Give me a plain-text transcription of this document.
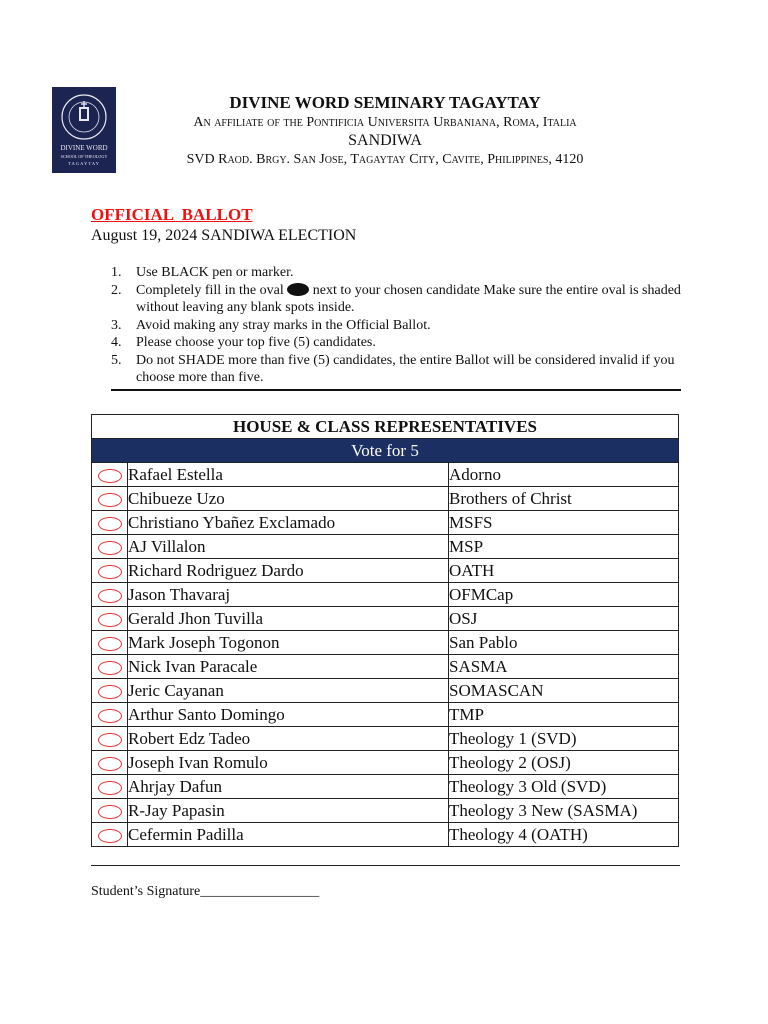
DIVINE WORD
SCHOOL OF THEOLOGY
TAGAYTAY
DIVINE WORD SEMINARY TAGAYTAY
An affiliate of the Pontificia Universita Urbaniana, Roma, Italia
SANDIWA
SVD Raod. Brgy. San Jose, Tagaytay City, Cavite, Philippines, 4120
OFFICIAL  BALLOT
August 19, 2024 SANDIWA ELECTION
1.	Use BLACK pen or marker.
2.	Completely fill in the oval  next to your chosen candidate Make sure the entire oval is shaded without leaving any blank spots inside.
3.	Avoid making any stray marks in the Official Ballot.
4.	Please choose your top five (5) candidates.
5.	Do not SHADE more than five (5) candidates, the entire Ballot will be considered invalid if you choose more than five.
HOUSE & CLASS REPRESENTATIVES		
Vote for 5		
	Rafael Estella	Adorno
	Chibueze Uzo	Brothers of Christ
	Christiano Ybañez Exclamado	MSFS
	AJ Villalon	MSP
	Richard Rodriguez Dardo	OATH
	Jason Thavaraj	OFMCap
	Gerald Jhon Tuvilla	OSJ
	Mark Joseph Togonon	San Pablo
	Nick Ivan Paracale	SASMA
	Jeric Cayanan	SOMASCAN
	Arthur Santo Domingo	TMP
	Robert Edz Tadeo	Theology 1 (SVD)
	Joseph Ivan Romulo	Theology 2 (OSJ)
	Ahrjay Dafun	Theology 3 Old (SVD)
	R-Jay Papasin	Theology 3 New (SASMA)
	Cefermin Padilla	Theology 4 (OATH)
Student’s Signature_________________
